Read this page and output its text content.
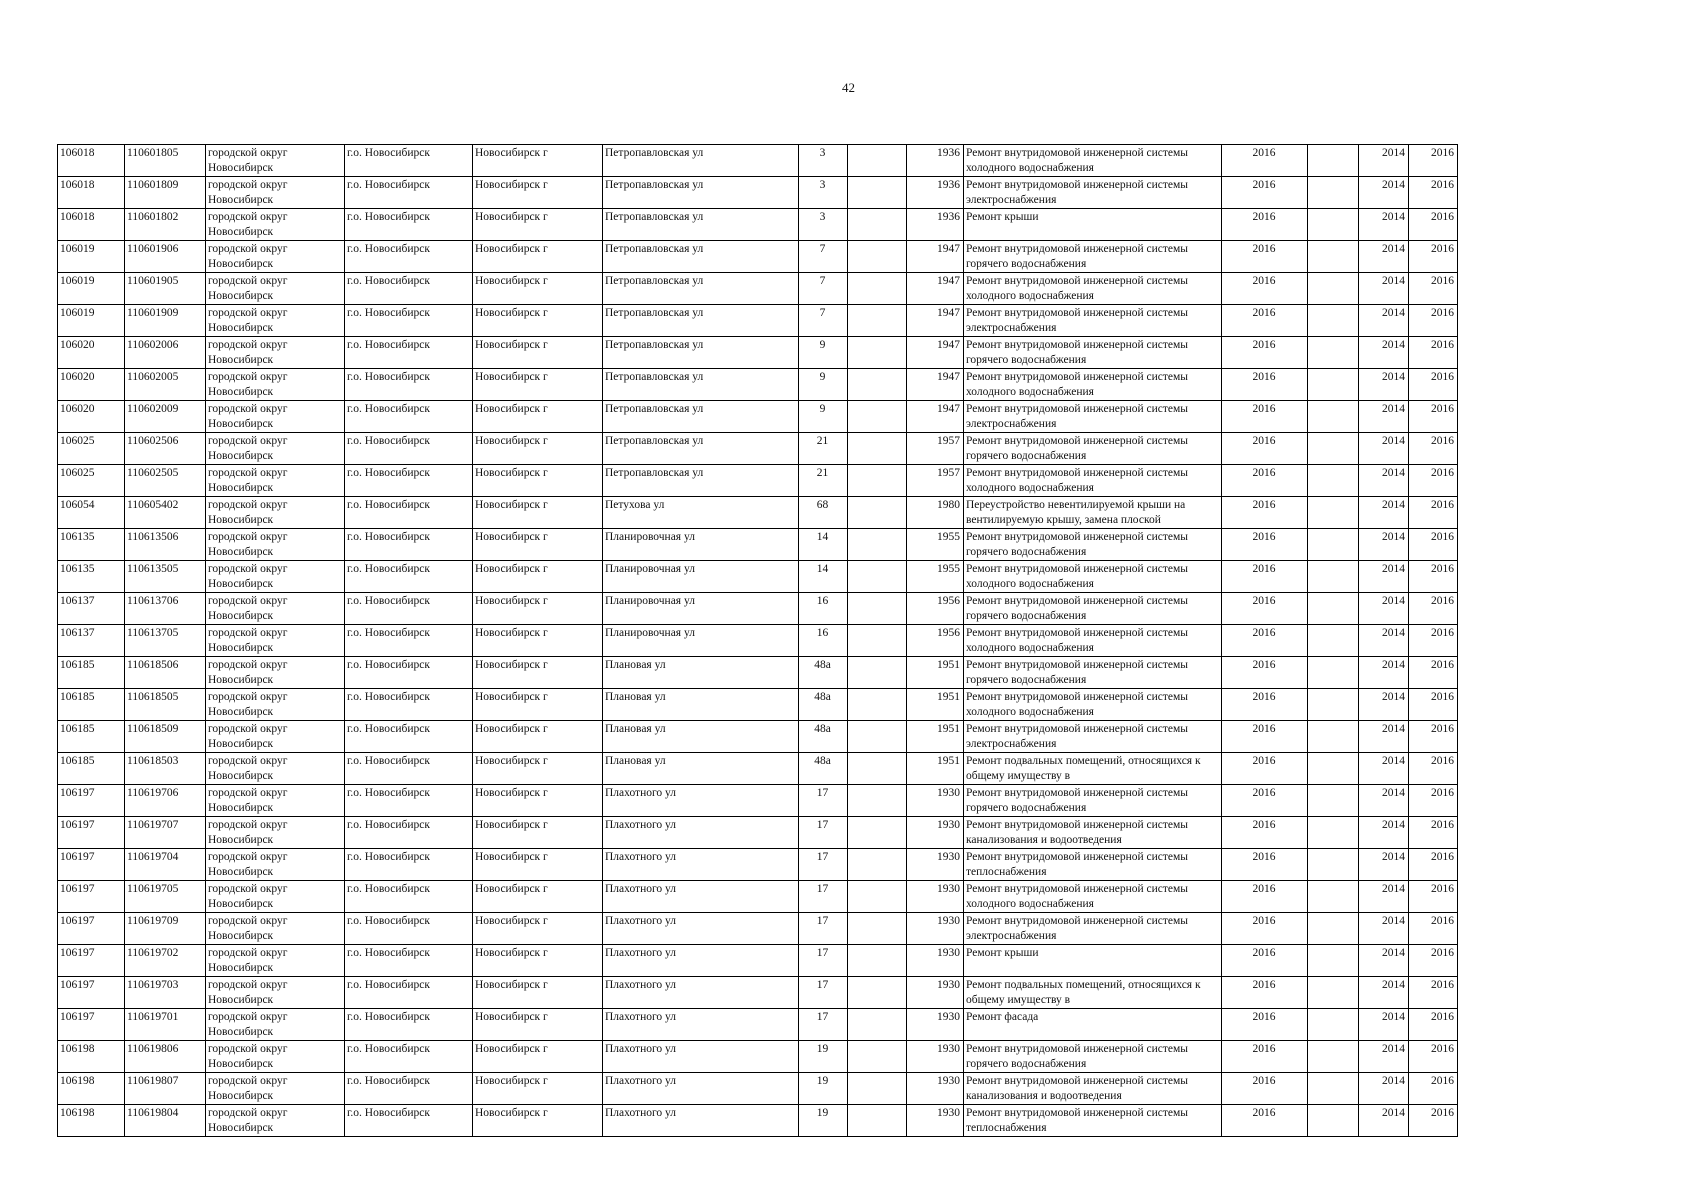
42
106018	110601805	городской округ Новосибирск	г.о. Новосибирск	Новосибирск г	Петропавловская ул	3		1936	Ремонт внутридомовой инженерной системы холодного водоснабжения	2016		2014	2016
106018	110601809	городской округ Новосибирск	г.о. Новосибирск	Новосибирск г	Петропавловская ул	3		1936	Ремонт внутридомовой инженерной системы электроснабжения	2016		2014	2016
106018	110601802	городской округ Новосибирск	г.о. Новосибирск	Новосибирск г	Петропавловская ул	3		1936	Ремонт крыши	2016		2014	2016
106019	110601906	городской округ Новосибирск	г.о. Новосибирск	Новосибирск г	Петропавловская ул	7		1947	Ремонт внутридомовой инженерной системы горячего водоснабжения	2016		2014	2016
106019	110601905	городской округ Новосибирск	г.о. Новосибирск	Новосибирск г	Петропавловская ул	7		1947	Ремонт внутридомовой инженерной системы холодного водоснабжения	2016		2014	2016
106019	110601909	городской округ Новосибирск	г.о. Новосибирск	Новосибирск г	Петропавловская ул	7		1947	Ремонт внутридомовой инженерной системы электроснабжения	2016		2014	2016
106020	110602006	городской округ Новосибирск	г.о. Новосибирск	Новосибирск г	Петропавловская ул	9		1947	Ремонт внутридомовой инженерной системы горячего водоснабжения	2016		2014	2016
106020	110602005	городской округ Новосибирск	г.о. Новосибирск	Новосибирск г	Петропавловская ул	9		1947	Ремонт внутридомовой инженерной системы холодного водоснабжения	2016		2014	2016
106020	110602009	городской округ Новосибирск	г.о. Новосибирск	Новосибирск г	Петропавловская ул	9		1947	Ремонт внутридомовой инженерной системы электроснабжения	2016		2014	2016
106025	110602506	городской округ Новосибирск	г.о. Новосибирск	Новосибирск г	Петропавловская ул	21		1957	Ремонт внутридомовой инженерной системы горячего водоснабжения	2016		2014	2016
106025	110602505	городской округ Новосибирск	г.о. Новосибирск	Новосибирск г	Петропавловская ул	21		1957	Ремонт внутридомовой инженерной системы холодного водоснабжения	2016		2014	2016
106054	110605402	городской округ Новосибирск	г.о. Новосибирск	Новосибирск г	Петухова ул	68		1980	Переустройство невентилируемой крыши на вентилируемую крышу, замена плоской	2016		2014	2016
106135	110613506	городской округ Новосибирск	г.о. Новосибирск	Новосибирск г	Планировочная ул	14		1955	Ремонт внутридомовой инженерной системы горячего водоснабжения	2016		2014	2016
106135	110613505	городской округ Новосибирск	г.о. Новосибирск	Новосибирск г	Планировочная ул	14		1955	Ремонт внутридомовой инженерной системы холодного водоснабжения	2016		2014	2016
106137	110613706	городской округ Новосибирск	г.о. Новосибирск	Новосибирск г	Планировочная ул	16		1956	Ремонт внутридомовой инженерной системы горячего водоснабжения	2016		2014	2016
106137	110613705	городской округ Новосибирск	г.о. Новосибирск	Новосибирск г	Планировочная ул	16		1956	Ремонт внутридомовой инженерной системы холодного водоснабжения	2016		2014	2016
106185	110618506	городской округ Новосибирск	г.о. Новосибирск	Новосибирск г	Плановая ул	48а		1951	Ремонт внутридомовой инженерной системы горячего водоснабжения	2016		2014	2016
106185	110618505	городской округ Новосибирск	г.о. Новосибирск	Новосибирск г	Плановая ул	48а		1951	Ремонт внутридомовой инженерной системы холодного водоснабжения	2016		2014	2016
106185	110618509	городской округ Новосибирск	г.о. Новосибирск	Новосибирск г	Плановая ул	48а		1951	Ремонт внутридомовой инженерной системы электроснабжения	2016		2014	2016
106185	110618503	городской округ Новосибирск	г.о. Новосибирск	Новосибирск г	Плановая ул	48а		1951	Ремонт подвальных помещений, относящихся к общему имуществу в	2016		2014	2016
106197	110619706	городской округ Новосибирск	г.о. Новосибирск	Новосибирск г	Плахотного ул	17		1930	Ремонт внутридомовой инженерной системы горячего водоснабжения	2016		2014	2016
106197	110619707	городской округ Новосибирск	г.о. Новосибирск	Новосибирск г	Плахотного ул	17		1930	Ремонт внутридомовой инженерной системы канализования и водоотведения	2016		2014	2016
106197	110619704	городской округ Новосибирск	г.о. Новосибирск	Новосибирск г	Плахотного ул	17		1930	Ремонт внутридомовой инженерной системы теплоснабжения	2016		2014	2016
106197	110619705	городской округ Новосибирск	г.о. Новосибирск	Новосибирск г	Плахотного ул	17		1930	Ремонт внутридомовой инженерной системы холодного водоснабжения	2016		2014	2016
106197	110619709	городской округ Новосибирск	г.о. Новосибирск	Новосибирск г	Плахотного ул	17		1930	Ремонт внутридомовой инженерной системы электроснабжения	2016		2014	2016
106197	110619702	городской округ Новосибирск	г.о. Новосибирск	Новосибирск г	Плахотного ул	17		1930	Ремонт крыши	2016		2014	2016
106197	110619703	городской округ Новосибирск	г.о. Новосибирск	Новосибирск г	Плахотного ул	17		1930	Ремонт подвальных помещений, относящихся к общему имуществу в	2016		2014	2016
106197	110619701	городской округ Новосибирск	г.о. Новосибирск	Новосибирск г	Плахотного ул	17		1930	Ремонт фасада	2016		2014	2016
106198	110619806	городской округ Новосибирск	г.о. Новосибирск	Новосибирск г	Плахотного ул	19		1930	Ремонт внутридомовой инженерной системы горячего водоснабжения	2016		2014	2016
106198	110619807	городской округ Новосибирск	г.о. Новосибирск	Новосибирск г	Плахотного ул	19		1930	Ремонт внутридомовой инженерной системы канализования и водоотведения	2016		2014	2016
106198	110619804	городской округ Новосибирск	г.о. Новосибирск	Новосибирск г	Плахотного ул	19		1930	Ремонт внутридомовой инженерной системы теплоснабжения	2016		2014	2016
